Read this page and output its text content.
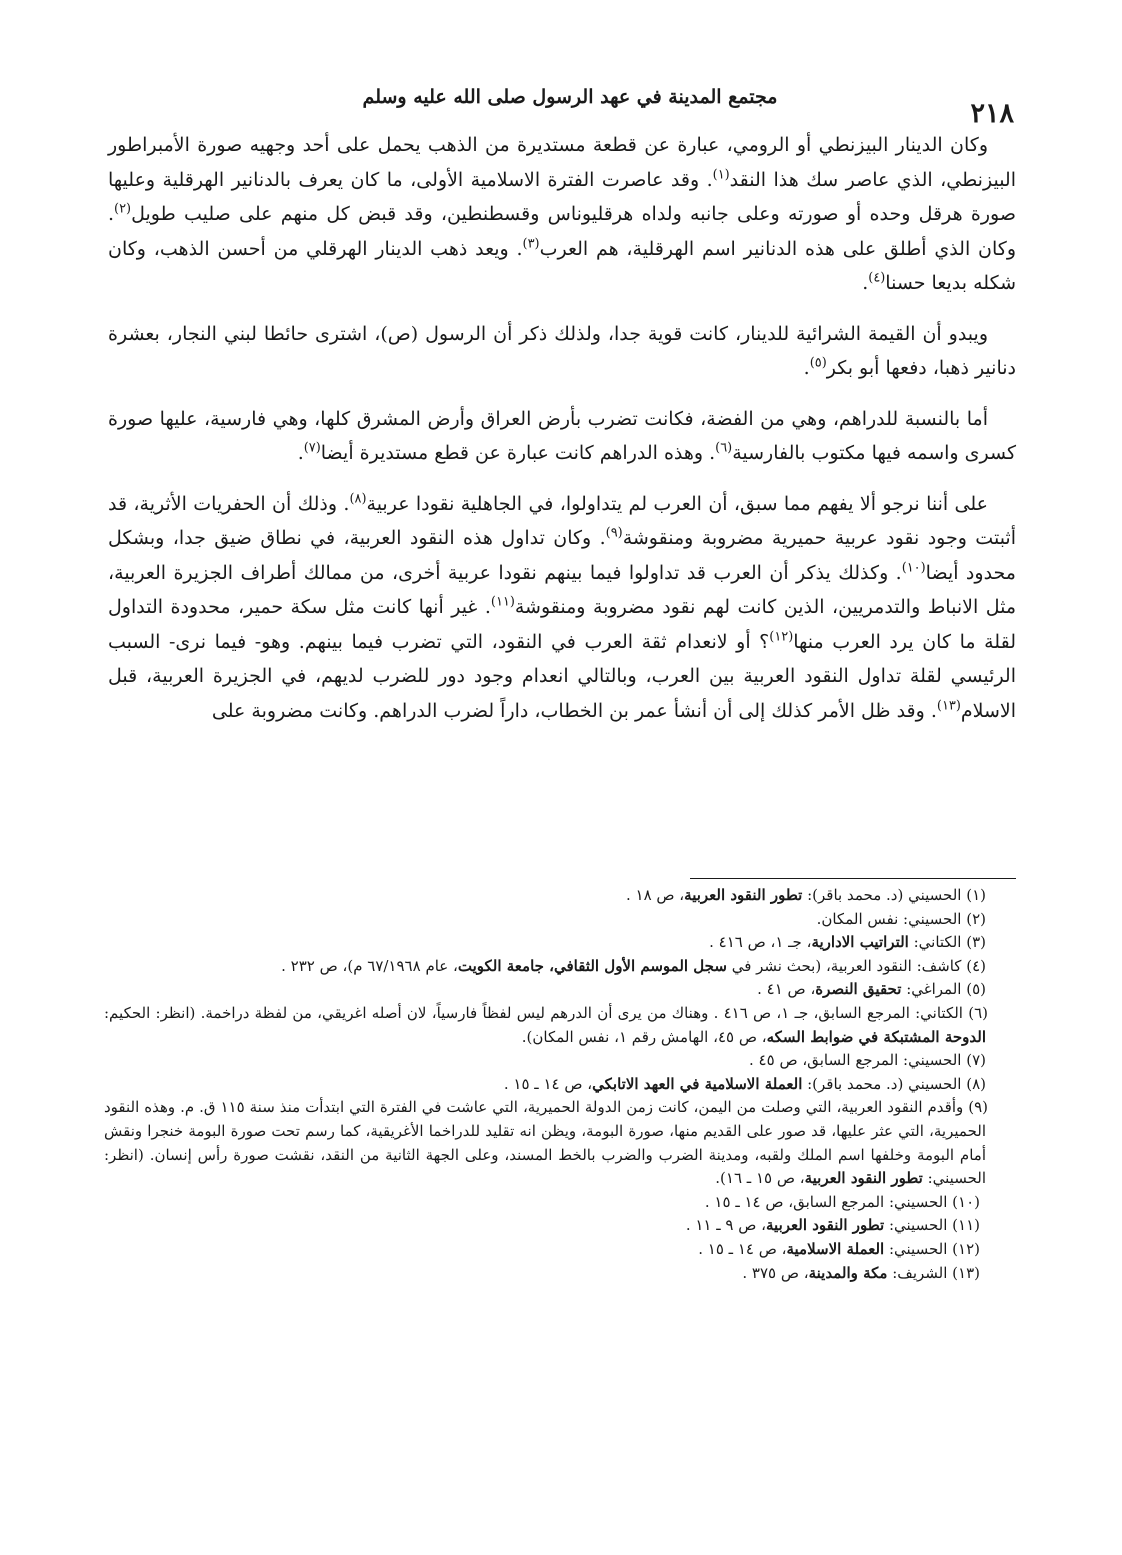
مجتمع المدينة في عهد الرسول صلى الله عليه وسلم
٢١٨

وكان الدينار البيزنطي أو الرومي، عبارة عن قطعة مستديرة من الذهب يحمل على أحد وجهيه صورة الأمبراطور البيزنطي، الذي عاصر سك هذا النقد$^{(١)}$. وقد عاصرت الفترة الاسلامية الأولى، ما كان يعرف بالدنانير الهرقلية وعليها صورة هرقل وحده أو صورته وعلى جانبه ولداه هرقليوناس وقسطنطين، وقد قبض كل منهم على صليب طويل$^{(٢)}$. وكان الذي أطلق على هذه الدنانير اسم الهرقلية، هم العرب$^{(٣)}$. ويعد ذهب الدينار الهرقلي من أحسن الذهب، وكان شكله بديعا حسنا$^{(٤)}$.

ويبدو أن القيمة الشرائية للدينار، كانت قوية جدا، ولذلك ذكر أن الرسول (ص)، اشترى حائطا لبني النجار، بعشرة دنانير ذهبا، دفعها أبو بكر$^{(٥)}$.

أما بالنسبة للدراهم، وهي من الفضة، فكانت تضرب بأرض العراق وأرض المشرق كلها، وهي فارسية، عليها صورة كسرى واسمه فيها مكتوب بالفارسية$^{(٦)}$. وهذه الدراهم كانت عبارة عن قطع مستديرة أيضا$^{(٧)}$.

على أننا نرجو ألا يفهم مما سبق، أن العرب لم يتداولوا، في الجاهلية نقودا عربية$^{(٨)}$. وذلك أن الحفريات الأثرية، قد أثبتت وجود نقود عربية حميرية مضروبة ومنقوشة$^{(٩)}$. وكان تداول هذه النقود العربية، في نطاق ضيق جدا، وبشكل محدود أيضا$^{(١٠)}$. وكذلك يذكر أن العرب قد تداولوا فيما بينهم نقودا عربية أخرى، من ممالك أطراف الجزيرة العربية، مثل الانباط والتدمريين، الذين كانت لهم نقود مضروبة ومنقوشة$^{(١١)}$. غير أنها كانت مثل سكة حمير، محدودة التداول لقلة ما كان يرد العرب منها$^{(١٢)}$؟ أو لانعدام ثقة العرب في النقود، التي تضرب فيما بينهم. وهو- فيما نرى- السبب الرئيسي لقلة تداول النقود العربية بين العرب، وبالتالي انعدام وجود دور للضرب لديهم، في الجزيرة العربية، قبل الاسلام$^{(١٣)}$. وقد ظل الأمر كذلك إلى أن أنشأ عمر بن الخطاب، داراً لضرب الدراهم. وكانت مضروبة على

(١) الحسيني (د. محمد باقر): تطور النقود العربية، ص ١٨ .
(٢) الحسيني: نفس المكان.
(٣) الكتاني: التراتيب الادارية، جـ ١، ص ٤١٦ .
(٤) كاشف: النقود العربية، (بحث نشر في سجل الموسم الأول الثقافي، جامعة الكويت، عام ٦٧/١٩٦٨ م)، ص ٢٣٢ .
(٥) المراغي: تحقيق النصرة، ص ٤١ .
(٦) الكتاني: المرجع السابق، جـ ١، ص ٤١٦ . وهناك من يرى أن الدرهم ليس لفظاً فارسياً، لان أصله اغريقي، من لفظة دراخمة. (انظر: الحكيم: الدوحة المشتبكة في ضوابط السكه، ص ٤٥، الهامش رقم ١، نفس المكان).
(٧) الحسيني: المرجع السابق، ص ٤٥ .
(٨) الحسيني (د. محمد باقر): العملة الاسلامية في العهد الاتابكي، ص ١٤ ـ ١٥ .
(٩) وأقدم النقود العربية، التي وصلت من اليمن، كانت زمن الدولة الحميرية، التي عاشت في الفترة التي ابتدأت منذ سنة ١١٥ ق. م. وهذه النقود الحميرية، التي عثر عليها، قد صور على القديم منها، صورة البومة، ويظن انه تقليد للدراخما الأغريقية، كما رسم تحت صورة البومة خنجرا ونقش أمام البومة وخلفها اسم الملك ولقبه، ومدينة الضرب والضرب بالخط المسند، وعلى الجهة الثانية من النقد، نقشت صورة رأس إنسان. (انظر: الحسيني: تطور النقود العربية، ص ١٥ ـ ١٦).
(١٠) الحسيني: المرجع السابق، ص ١٤ ـ ١٥ .
(١١) الحسيني: تطور النقود العربية، ص ٩ ـ ١١ .
(١٢) الحسيني: العملة الاسلامية، ص ١٤ ـ ١٥ .
(١٣) الشريف: مكة والمدينة، ص ٣٧٥ .
